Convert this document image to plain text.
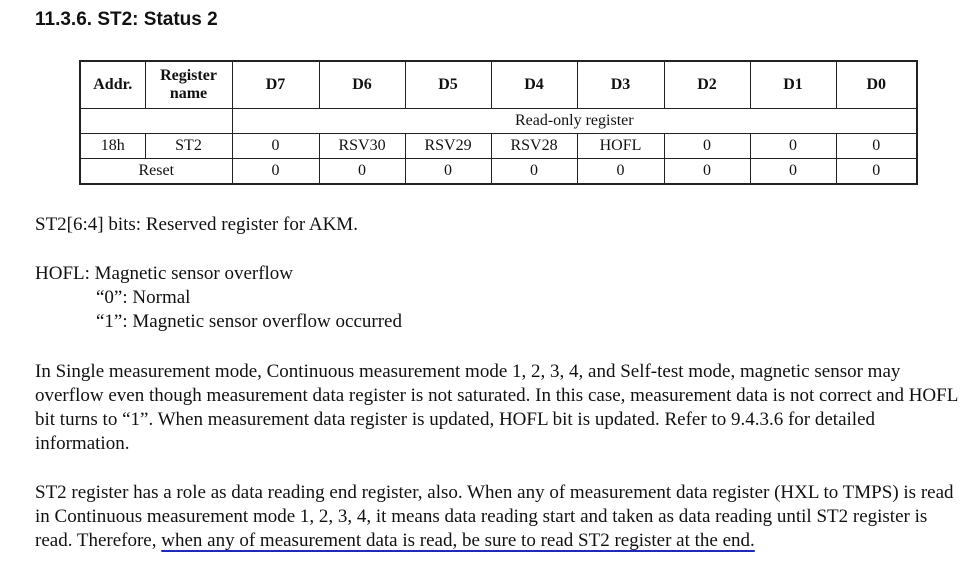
11.3.6. ST2: Status 2
Addr.	Register name	D7	D6	D5	D4	D3	D2	D1	D0
		Read-only register							
18h	ST2	0	RSV30	RSV29	RSV28	HOFL	0	0	0
Reset		0	0	0	0	0	0	0	0
ST2[6:4] bits: Reserved register for AKM.
HOFL: Magnetic sensor overflow
“0”: Normal
“1”: Magnetic sensor overflow occurred
In Single measurement mode, Continuous measurement mode 1, 2, 3, 4, and Self-test mode, magnetic sensor may overflow even though measurement data register is not saturated. In this case, measurement data is not correct and HOFL bit turns to “1”. When measurement data register is updated, HOFL bit is updated. Refer to 9.4.3.6 for detailed information.
ST2 register has a role as data reading end register, also. When any of measurement data register (HXL to TMPS) is read in Continuous measurement mode 1, 2, 3, 4, it means data reading start and taken as data reading until ST2 register is read. Therefore, when any of measurement data is read, be sure to read ST2 register at the end.
